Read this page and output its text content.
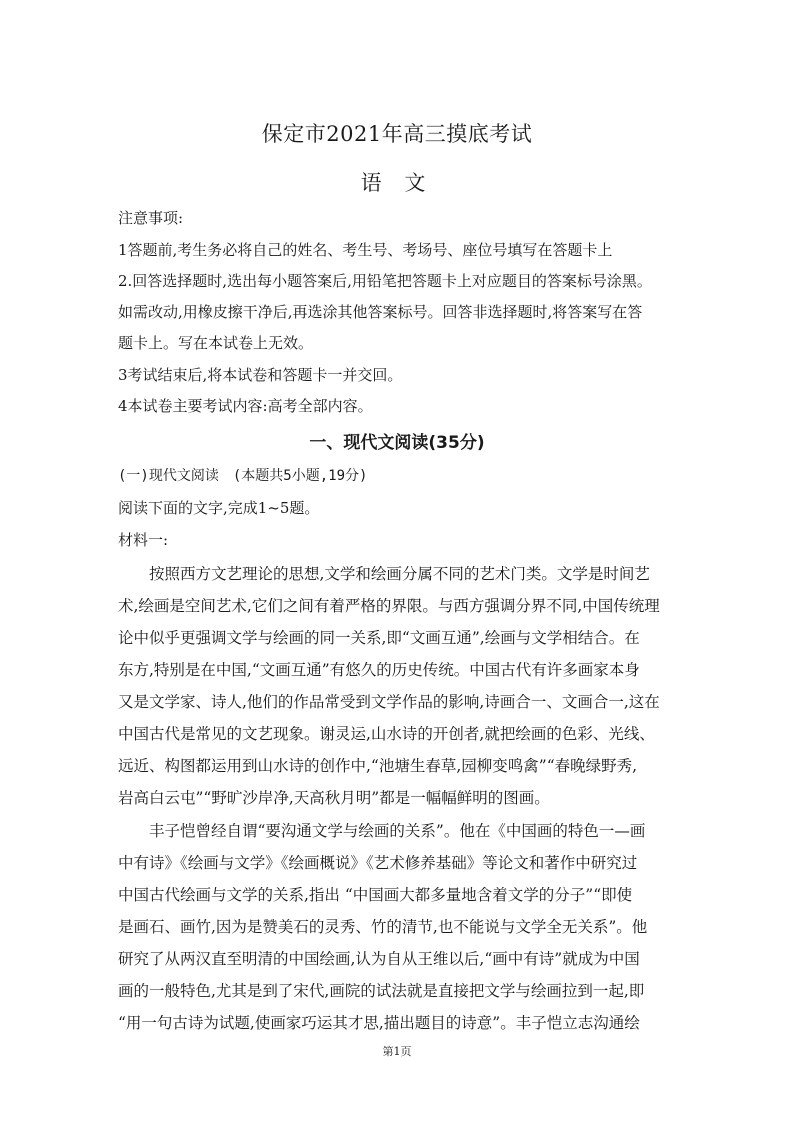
保定市2021年高三摸底考试
语 文
注意事项:
1答题前,考生务必将自己的姓名、考生号、考场号、座位号填写在答题卡上
2.回答选择题时,选出每小题答案后,用铅笔把答题卡上对应题目的答案标号涂黑。
如需改动,用橡皮擦干净后,再选涂其他答案标号。回答非选择题时,将答案写在答
题卡上。写在本试卷上无效。
3考试结束后,将本试卷和答题卡一并交回。
4本试卷主要考试内容:高考全部内容。
一、现代文阅读(35分)
(一)现代文阅读　(本题共5小题,19分)
阅读下面的文字,完成1~5题。
材料一:
按照西方文艺理论的思想,文学和绘画分属不同的艺术门类。文学是时间艺
术,绘画是空间艺术,它们之间有着严格的界限。与西方强调分界不同,中国传统理
论中似乎更强调文学与绘画的同一关系,即“文画互通”,绘画与文学相结合。在
东方,特别是在中国,“文画互通”有悠久的历史传统。中国古代有许多画家本身
又是文学家、诗人,他们的作品常受到文学作品的影响,诗画合一、文画合一,这在
中国古代是常见的文艺现象。谢灵运,山水诗的开创者,就把绘画的色彩、光线、
远近、构图都运用到山水诗的创作中,“池塘生春草,园柳变鸣禽”“春晚绿野秀,
岩高白云屯”“野旷沙岸净,天高秋月明”都是一幅幅鲜明的图画。
丰子恺曾经自谓“要沟通文学与绘画的关系”。他在《中国画的特色一—画
中有诗》《绘画与文学》《绘画概说》《艺术修养基础》等论文和著作中研究过
中国古代绘画与文学的关系,指出 “中国画大都多量地含着文学的分子”“即使
是画石、画竹,因为是赞美石的灵秀、竹的清节,也不能说与文学全无关系”。他
研究了从两汉直至明清的中国绘画,认为自从王维以后,“画中有诗”就成为中国
画的一般特色,尤其是到了宋代,画院的试法就是直接把文学与绘画拉到一起,即
“用一句古诗为试题,使画家巧运其才思,描出题目的诗意”。丰子恺立志沟通绘
第1页
